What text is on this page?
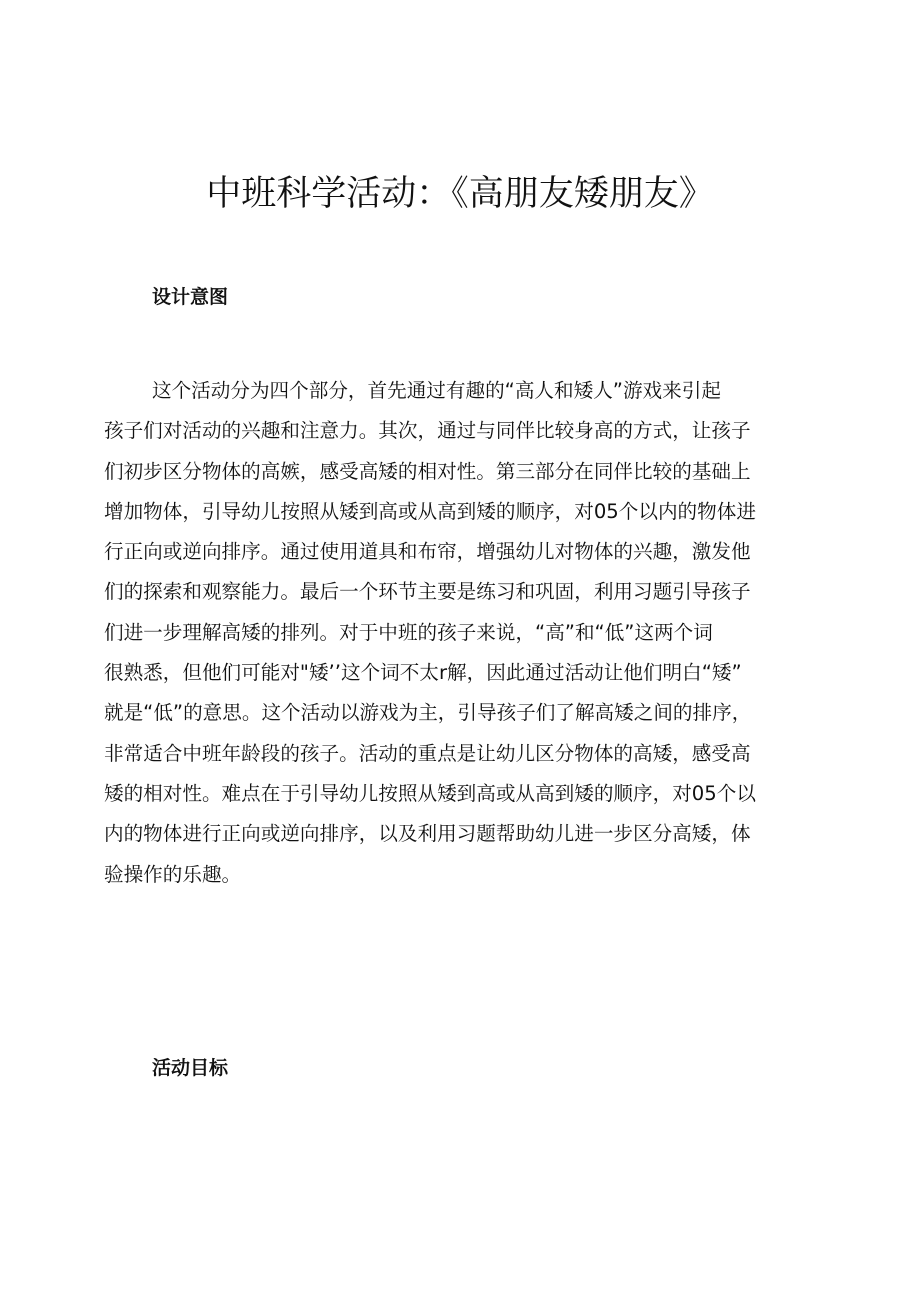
中班科学活动：《高朋友矮朋友》
设计意图
这个活动分为四个部分，首先通过有趣的“高人和矮人”游戏来引起
孩子们对活动的兴趣和注意力。其次，通过与同伴比较身高的方式，让孩子
们初步区分物体的高嫉，感受高矮的相对性。第三部分在同伴比较的基础上
增加物体，引导幼儿按照从矮到高或从高到矮的顺序，对05个以内的物体进
行正向或逆向排序。通过使用道具和布帘，增强幼儿对物体的兴趣，激发他
们的探索和观察能力。最后一个环节主要是练习和巩固，利用习题引导孩子
们进一步理解高矮的排列。对于中班的孩子来说，“高”和“低”这两个词
很熟悉，但他们可能对"矮’’这个词不太r解，因此通过活动让他们明白“矮”
就是“低”的意思。这个活动以游戏为主，引导孩子们了解高矮之间的排序，
非常适合中班年龄段的孩子。活动的重点是让幼儿区分物体的高矮，感受高
矮的相对性。难点在于引导幼儿按照从矮到高或从高到矮的顺序，对05个以
内的物体进行正向或逆向排序，以及利用习题帮助幼儿进一步区分高矮，体
验操作的乐趣。
活动目标
